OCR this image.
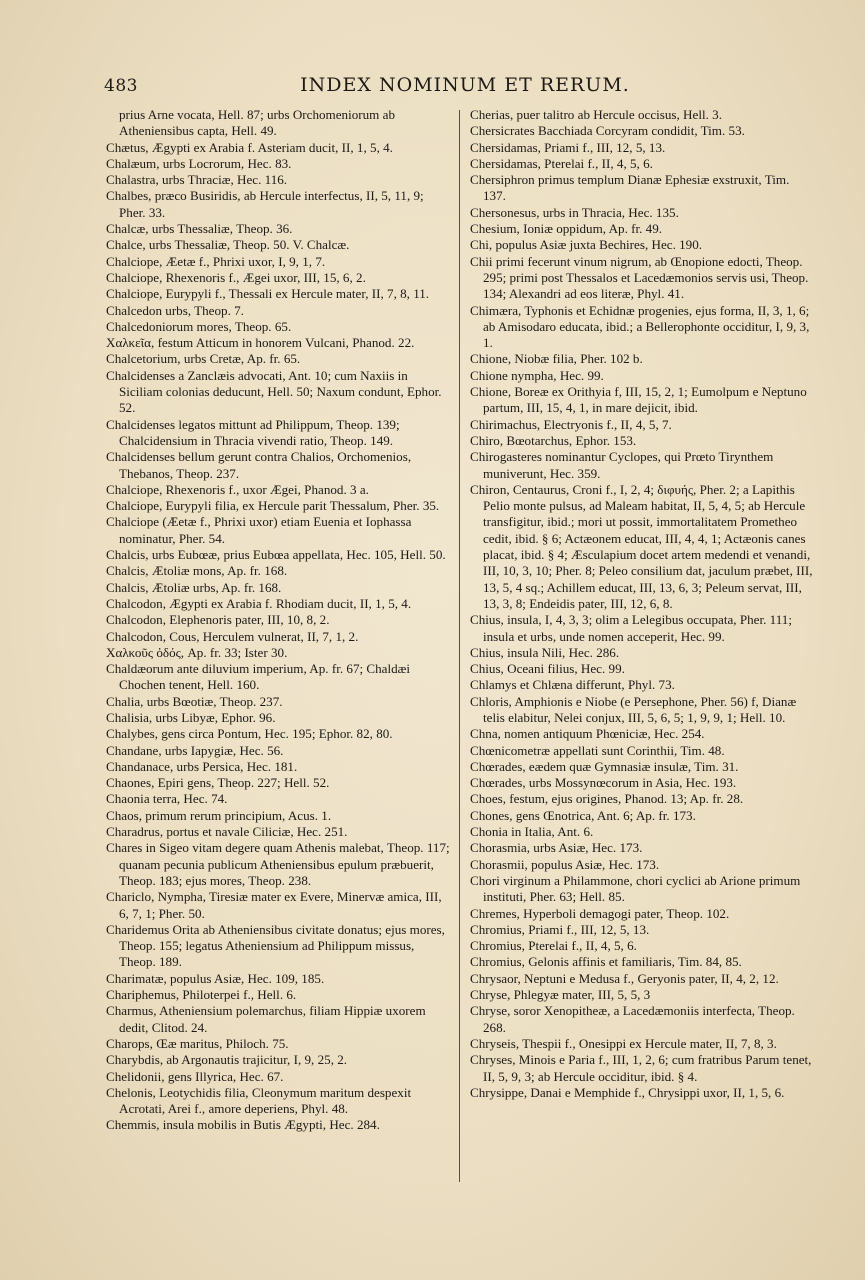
483	INDEX NOMINUM ET RERUM.

prius Arne vocata, Hell. 87; urbs Orchomeniorum ab Atheniensibus capta, Hell. 49.

Chætus, Ægypti ex Arabia f. Asteriam ducit, II, 1, 5, 4.

Chalæum, urbs Locrorum, Hec. 83.

Chalastra, urbs Thraciæ, Hec. 116.

Chalbes, præco Busiridis, ab Hercule interfectus, II, 5, 11, 9; Pher. 33.

Chalcæ, urbs Thessaliæ, Theop. 36.

Chalce, urbs Thessaliæ, Theop. 50. V. Chalcæ.

Chalciope, Æetæ f., Phrixi uxor, I, 9, 1, 7.

Chalciope, Rhexenoris f., Ægei uxor, III, 15, 6, 2.

Chalciope, Eurypyli f., Thessali ex Hercule mater, II, 7, 8, 11.

Chalcedon urbs, Theop. 7.

Chalcedoniorum mores, Theop. 65.

Χαλκεῖα, festum Atticum in honorem Vulcani, Phanod. 22.

Chalcetorium, urbs Cretæ, Ap. fr. 65.

Chalcidenses a Zanclæis advocati, Ant. 10; cum Naxiis in Siciliam colonias deducunt, Hell. 50; Naxum condunt, Ephor. 52.

Chalcidenses legatos mittunt ad Philippum, Theop. 139; Chalcidensium in Thracia vivendi ratio, Theop. 149.

Chalcidenses bellum gerunt contra Chalios, Orchomenios, Thebanos, Theop. 237.

Chalciope, Rhexenoris f., uxor Ægei, Phanod. 3 a.

Chalciope, Eurypyli filia, ex Hercule parit Thessalum, Pher. 35.

Chalciope (Æetæ f., Phrixi uxor) etiam Euenia et Iophassa nominatur, Pher. 54.

Chalcis, urbs Eubœæ, prius Eubœa appellata, Hec. 105, Hell. 50.

Chalcis, Ætoliæ mons, Ap. fr. 168.

Chalcis, Ætoliæ urbs, Ap. fr. 168.

Chalcodon, Ægypti ex Arabia f. Rhodiam ducit, II, 1, 5, 4.

Chalcodon, Elephenoris pater, III, 10, 8, 2.

Chalcodon, Cous, Herculem vulnerat, II, 7, 1, 2.

Χαλκοῦς ὀδός, Ap. fr. 33; Ister 30.

Chaldæorum ante diluvium imperium, Ap. fr. 67; Chaldæi Chochen tenent, Hell. 160.

Chalia, urbs Bœotiæ, Theop. 237.

Chalisia, urbs Libyæ, Ephor. 96.

Chalybes, gens circa Pontum, Hec. 195; Ephor. 82, 80.

Chandane, urbs Iapygiæ, Hec. 56.

Chandanace, urbs Persica, Hec. 181.

Chaones, Epiri gens, Theop. 227; Hell. 52.

Chaonia terra, Hec. 74.

Chaos, primum rerum principium, Acus. 1.

Charadrus, portus et navale Ciliciæ, Hec. 251.

Chares in Sigeo vitam degere quam Athenis malebat, Theop. 117; quanam pecunia publicum Atheniensibus epulum præbuerit, Theop. 183; ejus mores, Theop. 238.

Chariclo, Nympha, Tiresiæ mater ex Evere, Minervæ amica, III, 6, 7, 1; Pher. 50.

Charidemus Orita ab Atheniensibus civitate donatus; ejus mores, Theop. 155; legatus Atheniensium ad Philippum missus, Theop. 189.

Charimatæ, populus Asiæ, Hec. 109, 185.

Chariphemus, Philoterpei f., Hell. 6.

Charmus, Atheniensium polemarchus, filiam Hippiæ uxorem dedit, Clitod. 24.

Charops, Œæ maritus, Philoch. 75.

Charybdis, ab Argonautis trajicitur, I, 9, 25, 2.

Chelidonii, gens Illyrica, Hec. 67.

Chelonis, Leotychidis filia, Cleonymum maritum despexit Acrotati, Arei f., amore deperiens, Phyl. 48.

Chemmis, insula mobilis in Butis Ægypti, Hec. 284.

Cherias, puer talitro ab Hercule occisus, Hell. 3.

Chersicrates Bacchiada Corcyram condidit, Tim. 53.

Chersidamas, Priami f., III, 12, 5, 13.

Chersidamas, Pterelai f., II, 4, 5, 6.

Chersiphron primus templum Dianæ Ephesiæ exstruxit, Tim. 137.

Chersonesus, urbs in Thracia, Hec. 135.

Chesium, Ioniæ oppidum, Ap. fr. 49.

Chi, populus Asiæ juxta Bechires, Hec. 190.

Chii primi fecerunt vinum nigrum, ab Œnopione edocti, Theop. 295; primi post Thessalos et Lacedæmonios servis usi, Theop. 134; Alexandri ad eos literæ, Phyl. 41.

Chimæra, Typhonis et Echidnæ progenies, ejus forma, II, 3, 1, 6; ab Amisodaro educata, ibid.; a Bellerophonte occiditur, I, 9, 3, 1.

Chione, Niobæ filia, Pher. 102 b.

Chione nympha, Hec. 99.

Chione, Boreæ ex Orithyia f, III, 15, 2, 1; Eumolpum e Neptuno partum, III, 15, 4, 1, in mare dejicit, ibid.

Chirimachus, Electryonis f., II, 4, 5, 7.

Chiro, Bœotarchus, Ephor. 153.

Chirogasteres nominantur Cyclopes, qui Prœto Tirynthem muniverunt, Hec. 359.

Chiron, Centaurus, Croni f., I, 2, 4; διφυής, Pher. 2; a Lapithis Pelio monte pulsus, ad Maleam habitat, II, 5, 4, 5; ab Hercule transfigitur, ibid.; mori ut possit, immortalitatem Prometheo cedit, ibid. § 6; Actæonem educat, III, 4, 4, 1; Actæonis canes placat, ibid. § 4; Æsculapium docet artem medendi et venandi, III, 10, 3, 10; Pher. 8; Peleo consilium dat, jaculum præbet, III, 13, 5, 4 sq.; Achillem educat, III, 13, 6, 3; Peleum servat, III, 13, 3, 8; Endeidis pater, III, 12, 6, 8.

Chius, insula, I, 4, 3, 3; olim a Lelegibus occupata, Pher. 111; insula et urbs, unde nomen acceperit, Hec. 99.

Chius, insula Nili, Hec. 286.

Chius, Oceani filius, Hec. 99.

Chlamys et Chlæna differunt, Phyl. 73.

Chloris, Amphionis e Niobe (e Persephone, Pher. 56) f, Dianæ telis elabitur, Nelei conjux, III, 5, 6, 5; 1, 9, 9, 1; Hell. 10.

Chna, nomen antiquum Phœniciæ, Hec. 254.

Chœnicometræ appellati sunt Corinthii, Tim. 48.

Chœrades, eædem quæ Gymnasiæ insulæ, Tim. 31.

Chœrades, urbs Mossynœcorum in Asia, Hec. 193.

Choes, festum, ejus origines, Phanod. 13; Ap. fr. 28.

Chones, gens Œnotrica, Ant. 6; Ap. fr. 173.

Chonia in Italia, Ant. 6.

Chorasmia, urbs Asiæ, Hec. 173.

Chorasmii, populus Asiæ, Hec. 173.

Chori virginum a Philammone, chori cyclici ab Arione primum instituti, Pher. 63; Hell. 85.

Chremes, Hyperboli demagogi pater, Theop. 102.

Chromius, Priami f., III, 12, 5, 13.

Chromius, Pterelai f., II, 4, 5, 6.

Chromius, Gelonis affinis et familiaris, Tim. 84, 85.

Chrysaor, Neptuni e Medusa f., Geryonis pater, II, 4, 2, 12.

Chryse, Phlegyæ mater, III, 5, 5, 3

Chryse, soror Xenopitheæ, a Lacedæmoniis interfecta, Theop. 268.

Chryseis, Thespii f., Onesippi ex Hercule mater, II, 7, 8, 3.

Chryses, Minois e Paria f., III, 1, 2, 6; cum fratribus Parum tenet, II, 5, 9, 3; ab Hercule occiditur, ibid. § 4.

Chrysippe, Danai e Memphide f., Chrysippi uxor, II, 1, 5, 6.
